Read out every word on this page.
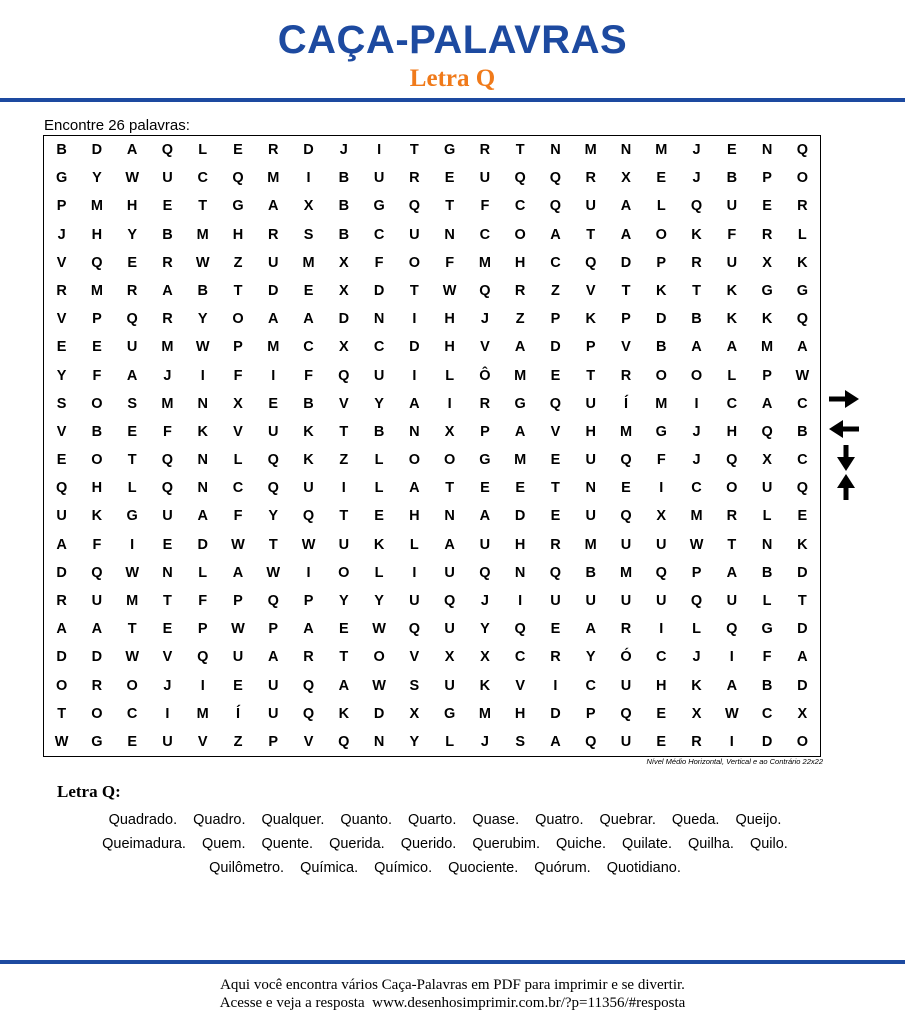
CAÇA-PALAVRAS
Letra Q
Encontre 26 palavras:
B	D	A	Q	L	E	R	D	J	I	T	G	R	T	N	M	N	M	J	E	N	Q
G	Y	W	U	C	Q	M	I	B	U	R	E	U	Q	Q	R	X	E	J	B	P	O
P	M	H	E	T	G	A	X	B	G	Q	T	F	C	Q	U	A	L	Q	U	E	R
J	H	Y	B	M	H	R	S	B	C	U	N	C	O	A	T	A	O	K	F	R	L
V	Q	E	R	W	Z	U	M	X	F	O	F	M	H	C	Q	D	P	R	U	X	K
R	M	R	A	B	T	D	E	X	D	T	W	Q	R	Z	V	T	K	T	K	G	G
V	P	Q	R	Y	O	A	A	D	N	I	H	J	Z	P	K	P	D	B	K	K	Q
E	E	U	M	W	P	M	C	X	C	D	H	V	A	D	P	V	B	A	A	M	A
Y	F	A	J	I	F	I	F	Q	U	I	L	Ô	M	E	T	R	O	O	L	P	W
S	O	S	M	N	X	E	B	V	Y	A	I	R	G	Q	U	Í	M	I	C	A	C
V	B	E	F	K	V	U	K	T	B	N	X	P	A	V	H	M	G	J	H	Q	B
E	O	T	Q	N	L	Q	K	Z	L	O	O	G	M	E	U	Q	F	J	Q	X	C
Q	H	L	Q	N	C	Q	U	I	L	A	T	E	E	T	N	E	I	C	O	U	Q
U	K	G	U	A	F	Y	Q	T	E	H	N	A	D	E	U	Q	X	M	R	L	E
A	F	I	E	D	W	T	W	U	K	L	A	U	H	R	M	U	U	W	T	N	K
D	Q	W	N	L	A	W	I	O	L	I	U	Q	N	Q	B	M	Q	P	A	B	D
R	U	M	T	F	P	Q	P	Y	Y	U	Q	J	I	U	U	U	U	Q	U	L	T
A	A	T	E	P	W	P	A	E	W	Q	U	Y	Q	E	A	R	I	L	Q	G	D
D	D	W	V	Q	U	A	R	T	O	V	X	X	C	R	Y	Ó	C	J	I	F	A
O	R	O	J	I	E	U	Q	A	W	S	U	K	V	I	C	U	H	K	A	B	D
T	O	C	I	M	Í	U	Q	K	D	X	G	M	H	D	P	Q	E	X	W	C	X
W	G	E	U	V	Z	P	V	Q	N	Y	L	J	S	A	Q	U	E	R	I	D	O
Nível Médio Horizontal, Vertical e ao Contrário 22x22
Letra Q:
Quadrado. Quadro. Qualquer. Quanto. Quarto. Quase. Quatro. Quebrar. Queda. Queijo.
Queimadura. Quem. Quente. Querida. Querido. Querubim. Quiche. Quilate. Quilha. Quilo.
Quilômetro. Química. Químico. Quociente. Quórum. Quotidiano.
Aqui você encontra vários Caça-Palavras em PDF para imprimir e se divertir.
Acesse e veja a resposta  www.desenhosimprimir.com.br/?p=11356/#resposta
